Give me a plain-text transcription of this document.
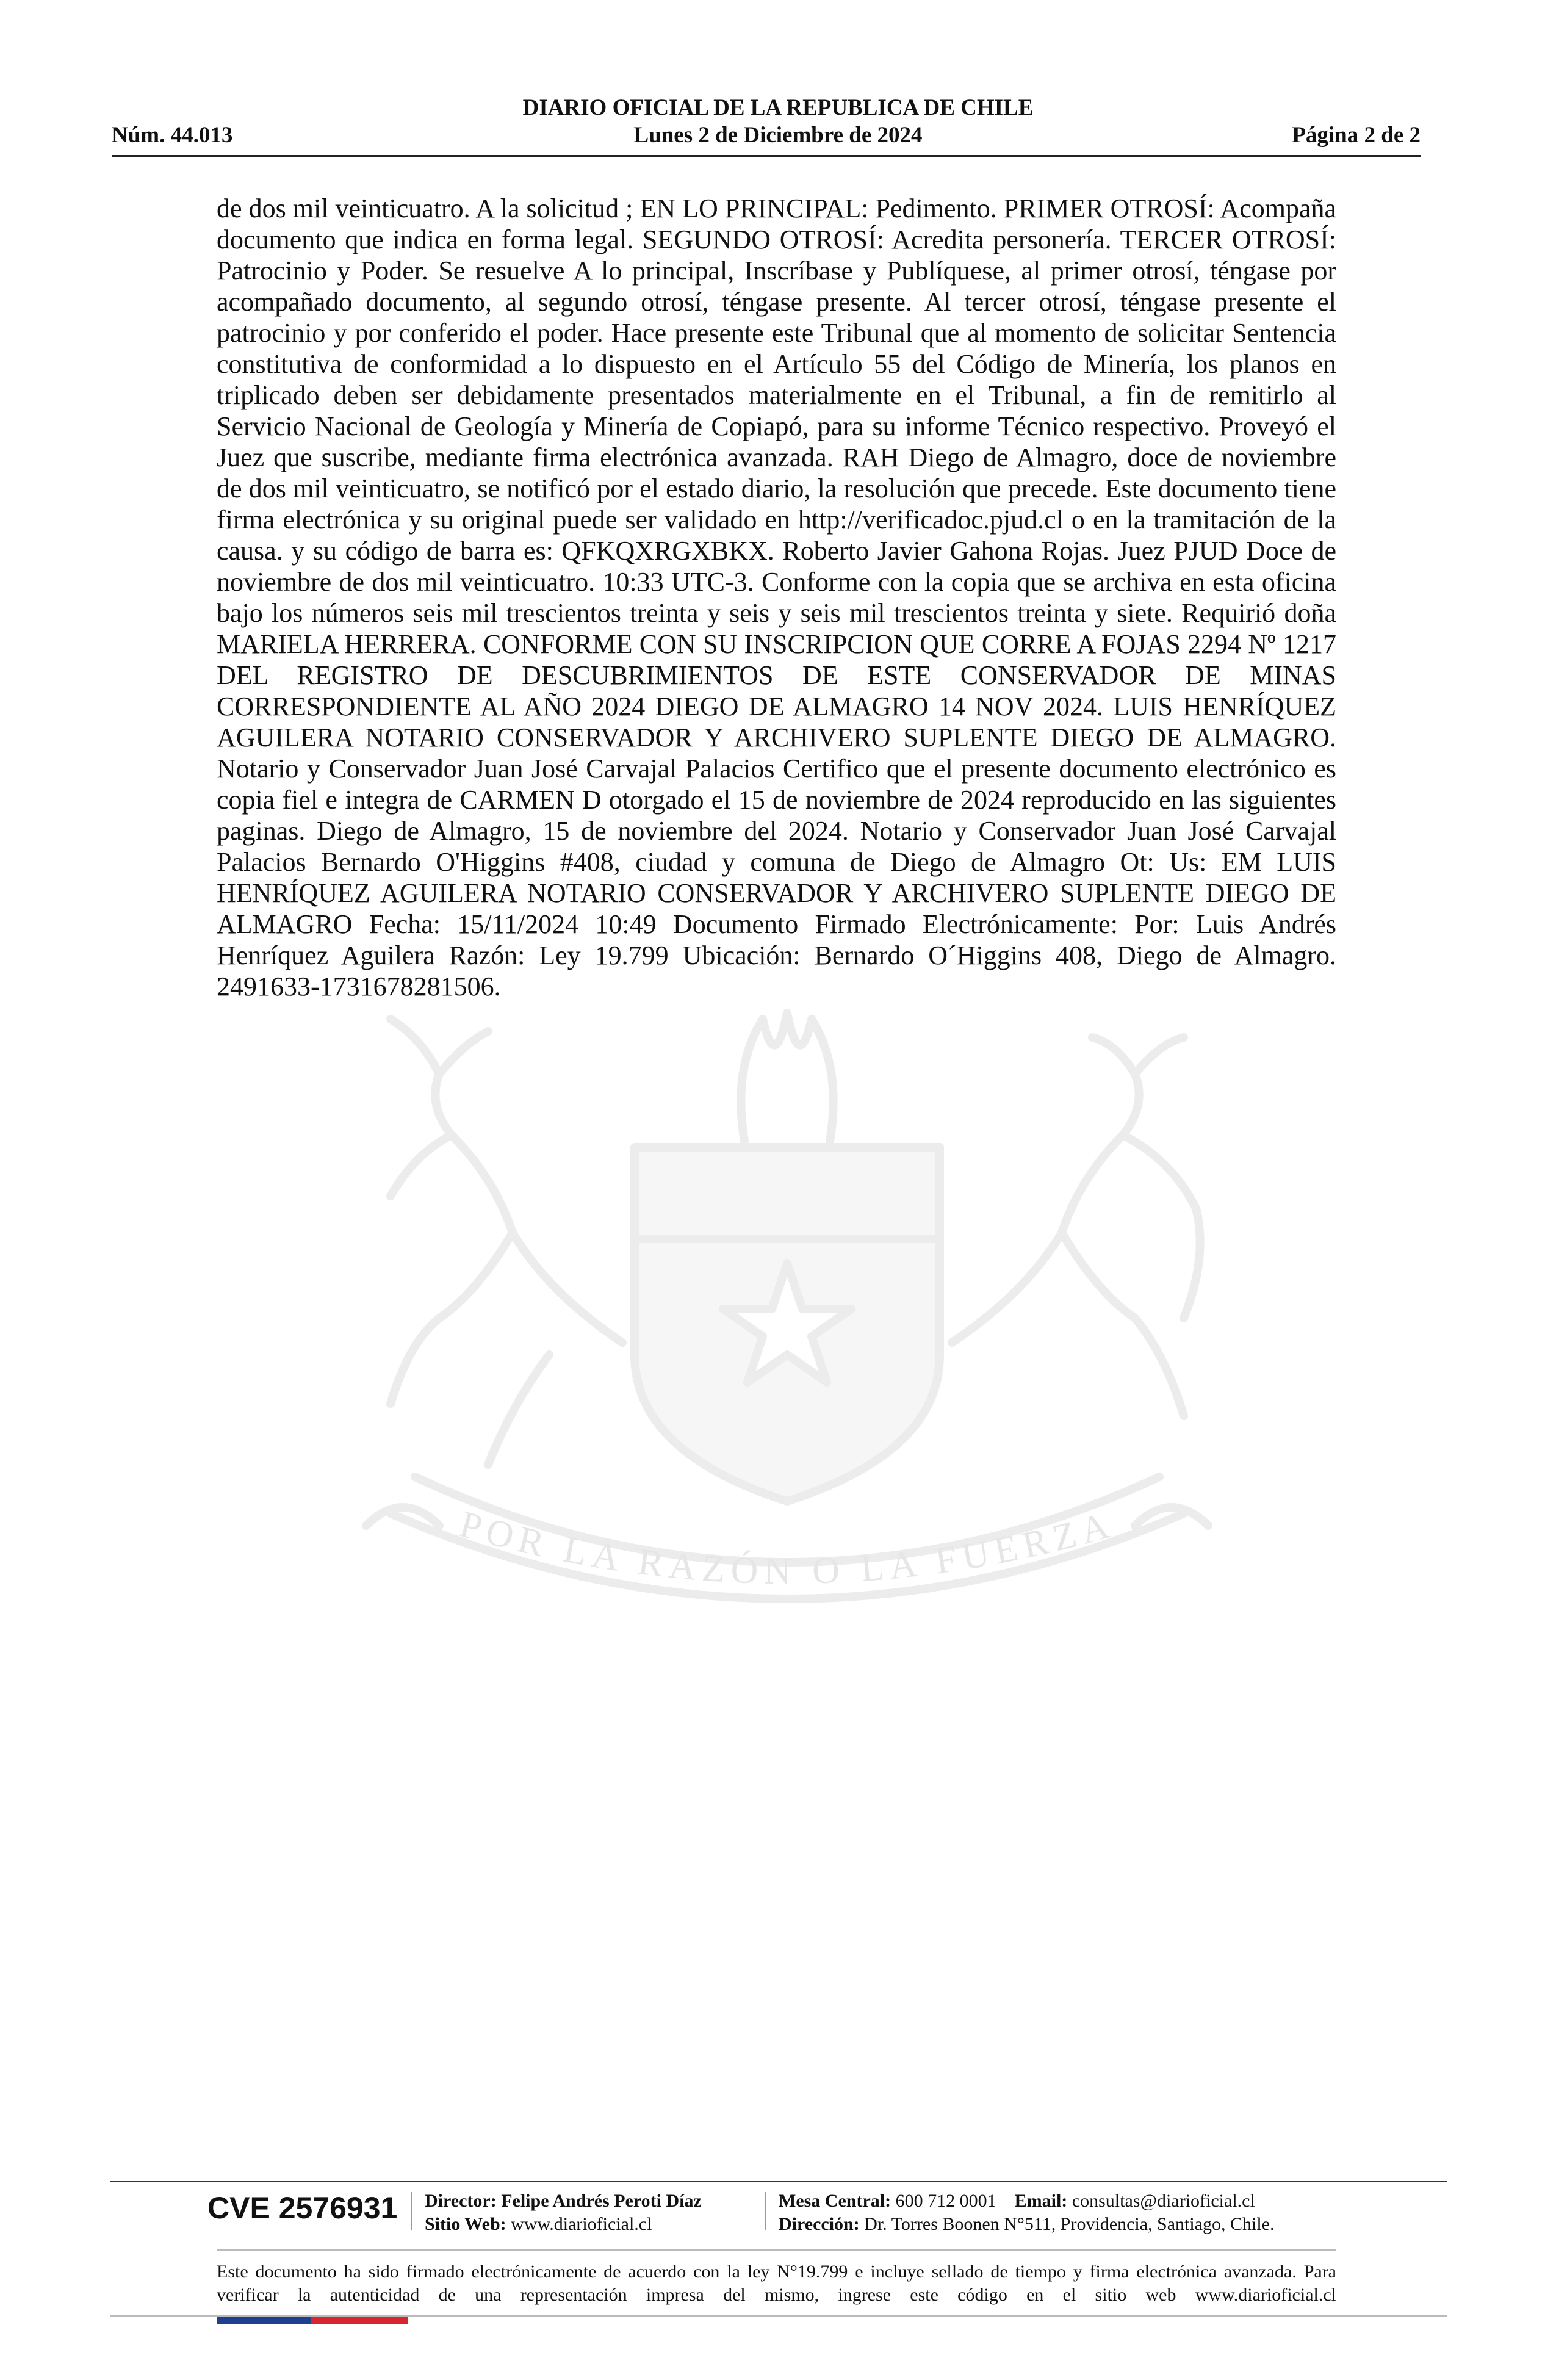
DIARIO OFICIAL DE LA REPUBLICA DE CHILE
Núm. 44.013	Lunes 2 de Diciembre de 2024	Página 2 de 2
POR LA RAZÓN O LA FUERZA
de dos mil veinticuatro. A la solicitud ; EN LO PRINCIPAL: Pedimento. PRIMER OTROSÍ: Acompaña documento que indica en forma legal. SEGUNDO OTROSÍ: Acredita personería. TERCER OTROSÍ: Patrocinio y Poder. Se resuelve A lo principal, Inscríbase y Publíquese, al primer otrosí, téngase por acompañado documento, al segundo otrosí, téngase presente. Al tercer otrosí, téngase presente el patrocinio y por conferido el poder. Hace presente este Tribunal que al momento de solicitar Sentencia constitutiva de conformidad a lo dispuesto en el Artículo 55 del Código de Minería, los planos en triplicado deben ser debidamente presentados materialmente en el Tribunal, a fin de remitirlo al Servicio Nacional de Geología y Minería de Copiapó, para su informe Técnico respectivo. Proveyó el Juez que suscribe, mediante firma electrónica avanzada. RAH Diego de Almagro, doce de noviembre de dos mil veinticuatro, se notificó por el estado diario, la resolución que precede. Este documento tiene firma electrónica y su original puede ser validado en http://verificadoc.pjud.cl o en la tramitación de la causa. y su código de barra es: QFKQXRGXBKX. Roberto Javier Gahona Rojas. Juez PJUD Doce de noviembre de dos mil veinticuatro. 10:33 UTC-3. Conforme con la copia que se archiva en esta oficina bajo los números seis mil trescientos treinta y seis y seis mil trescientos treinta y siete. Requirió doña MARIELA HERRERA. CONFORME CON SU INSCRIPCION QUE CORRE A FOJAS 2294 Nº 1217 DEL REGISTRO DE DESCUBRIMIENTOS DE ESTE CONSERVADOR DE MINAS CORRESPONDIENTE AL AÑO 2024 DIEGO DE ALMAGRO 14 NOV 2024. LUIS HENRÍQUEZ AGUILERA NOTARIO CONSERVADOR Y ARCHIVERO SUPLENTE DIEGO DE ALMAGRO. Notario y Conservador Juan José Carvajal Palacios Certifico que el presente documento electrónico es copia fiel e integra de CARMEN D otorgado el 15 de noviembre de 2024 reproducido en las siguientes paginas. Diego de Almagro, 15 de noviembre del 2024. Notario y Conservador Juan José Carvajal Palacios Bernardo O'Higgins #408, ciudad y comuna de Diego de Almagro Ot: Us: EM LUIS HENRÍQUEZ AGUILERA NOTARIO CONSERVADOR Y ARCHIVERO SUPLENTE DIEGO DE ALMAGRO Fecha: 15/11/2024 10:49 Documento Firmado Electrónicamente: Por: Luis Andrés Henríquez Aguilera Razón: Ley 19.799 Ubicación: Bernardo O´Higgins 408, Diego de Almagro. 2491633-1731678281506.
CVE 2576931 Director: Felipe Andrés Peroti Díaz
Sitio Web: www.diarioficial.cl
Mesa Central: 600 712 0001 Email: consultas@diarioficial.cl
Dirección: Dr. Torres Boonen N°511, Providencia, Santiago, Chile.
Este documento ha sido firmado electrónicamente de acuerdo con la ley N°19.799 e incluye sellado de tiempo y firma electrónica avanzada. Para verificar la autenticidad de una representación impresa del mismo, ingrese este código en el sitio web www.diarioficial.cl
